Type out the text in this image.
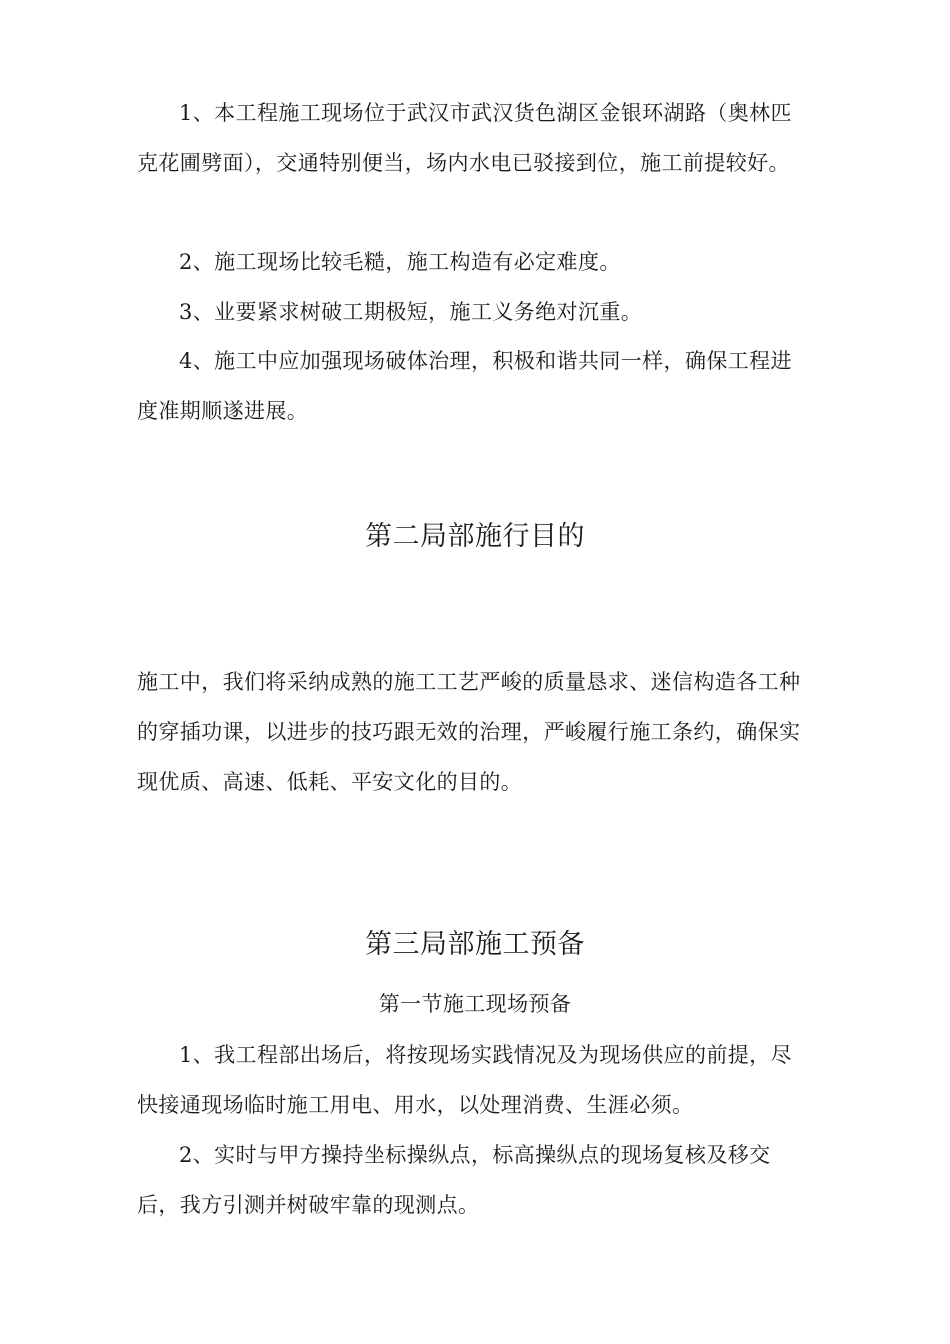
1、本工程施工现场位于武汉市武汉货色湖区金银环湖路（奥林匹克花圃劈面），交通特别便当，场内水电已驳接到位，施工前提较好。

2、施工现场比较毛糙，施工构造有必定难度。

3、业要紧求树破工期极短，施工义务绝对沉重。

4、施工中应加强现场破体治理，积极和谐共同一样，确保工程进度准期顺遂进展。

第二局部施行目的

施工中，我们将采纳成熟的施工工艺严峻的质量恳求、迷信构造各工种的穿插功课，以进步的技巧跟无效的治理，严峻履行施工条约，确保实现优质、高速、低耗、平安文化的目的。

第三局部施工预备
第一节施工现场预备

1、我工程部出场后，将按现场实践情况及为现场供应的前提，尽快接通现场临时施工用电、用水，以处理消费、生涯必须。

2、实时与甲方操持坐标操纵点，标高操纵点的现场复核及移交后，我方引测并树破牢靠的现测点。
